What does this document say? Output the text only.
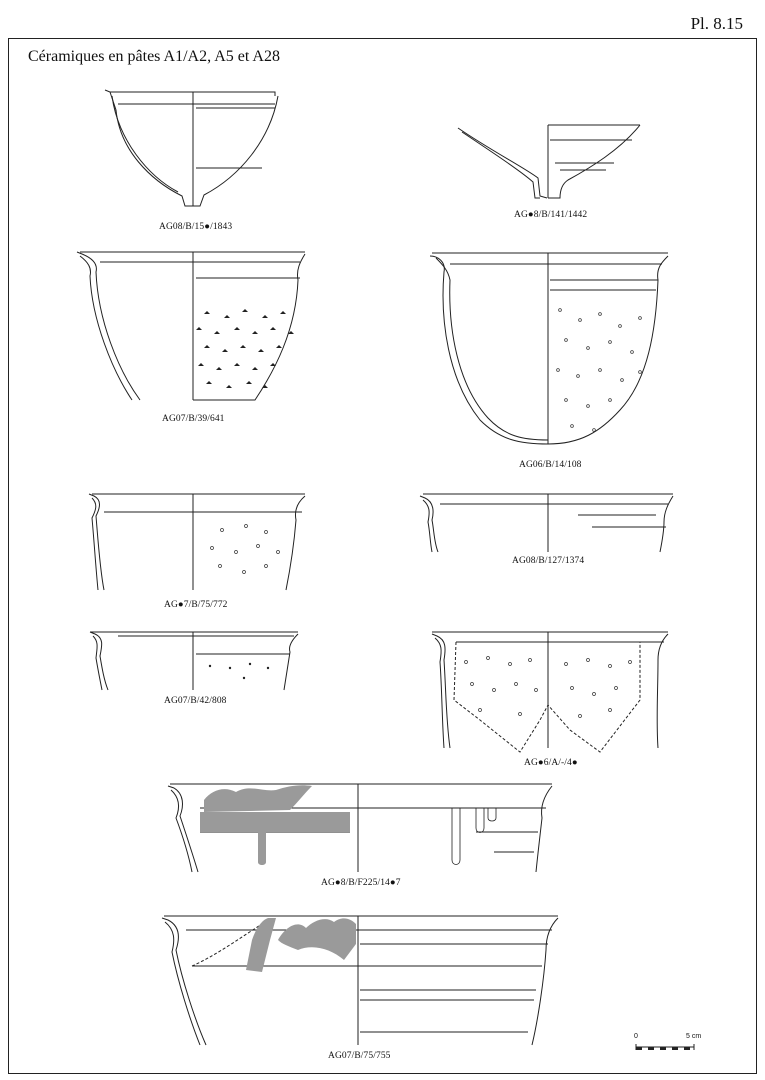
Pl. 8.15
Céramiques en pâtes A1/A2, A5 et A28
AG08/B/15●/1843
AG●8/B/141/1442
AG07/B/39/641
AG06/B/14/108
AG●7/B/75/772
AG08/B/127/1374
AG07/B/42/808
AG●6/A/-/4●
AG●8/B/F225/14●7
AG07/B/75/755
0	5 cm
